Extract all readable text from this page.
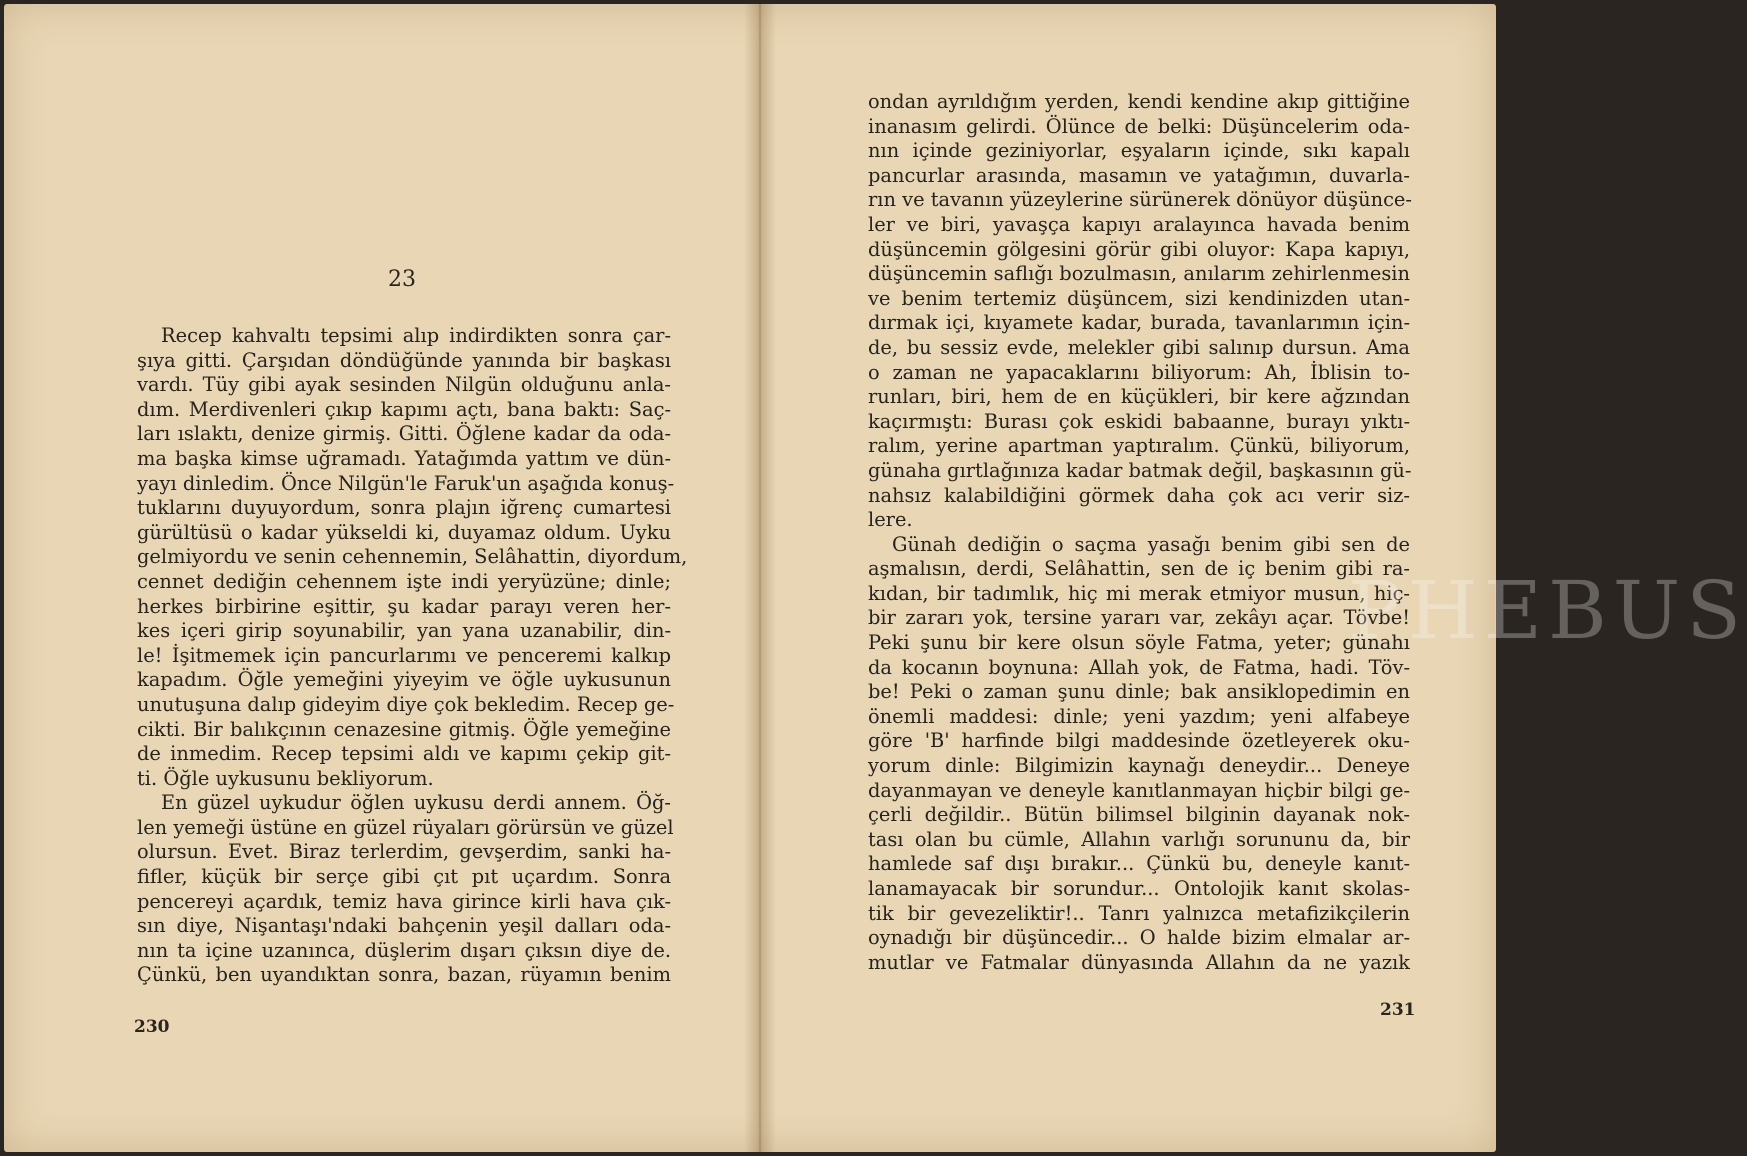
23

Recep kahvaltı tepsimi alıp indirdikten sonra çar-
şıya gitti. Çarşıdan döndüğünde yanında bir başkası
vardı. Tüy gibi ayak sesinden Nilgün olduğunu anla-
dım. Merdivenleri çıkıp kapımı açtı, bana baktı: Saç-
ları ıslaktı, denize girmiş. Gitti. Öğlene kadar da oda-
ma başka kimse uğramadı. Yatağımda yattım ve dün-
yayı dinledim. Önce Nilgün'le Faruk'un aşağıda konuş-
tuklarını duyuyordum, sonra plajın iğrenç cumartesi
gürültüsü o kadar yükseldi ki, duyamaz oldum. Uyku
gelmiyordu ve senin cehennemin, Selâhattin, diyordum,
cennet dediğin cehennem işte indi yeryüzüne; dinle;
herkes birbirine eşittir, şu kadar parayı veren her-
kes içeri girip soyunabilir, yan yana uzanabilir, din-
le! İşitmemek için pancurlarımı ve penceremi kalkıp
kapadım. Öğle yemeğini yiyeyim ve öğle uykusunun
unutuşuna dalıp gideyim diye çok bekledim. Recep ge-
cikti. Bir balıkçının cenazesine gitmiş. Öğle yemeğine
de inmedim. Recep tepsimi aldı ve kapımı çekip git-
ti. Öğle uykusunu bekliyorum.

En güzel uykudur öğlen uykusu derdi annem. Öğ-
len yemeği üstüne en güzel rüyaları görürsün ve güzel
olursun. Evet. Biraz terlerdim, gevşerdim, sanki ha-
fifler, küçük bir serçe gibi çıt pıt uçardım. Sonra
pencereyi açardık, temiz hava girince kirli hava çık-
sın diye, Nişantaşı'ndaki bahçenin yeşil dalları oda-
nın ta içine uzanınca, düşlerim dışarı çıksın diye de.
Çünkü, ben uyandıktan sonra, bazan, rüyamın benim

230

ondan ayrıldığım yerden, kendi kendine akıp gittiğine
inanasım gelirdi. Ölünce de belki: Düşüncelerim oda-
nın içinde geziniyorlar, eşyaların içinde, sıkı kapalı
pancurlar arasında, masamın ve yatağımın, duvarla-
rın ve tavanın yüzeylerine sürünerek dönüyor düşünce-
ler ve biri, yavaşça kapıyı aralayınca havada benim
düşüncemin gölgesini görür gibi oluyor: Kapa kapıyı,
düşüncemin saflığı bozulmasın, anılarım zehirlenmesin
ve benim tertemiz düşüncem, sizi kendinizden utan-
dırmak içi, kıyamete kadar, burada, tavanlarımın için-
de, bu sessiz evde, melekler gibi salınıp dursun. Ama
o zaman ne yapacaklarını biliyorum: Ah, İblisin to-
runları, biri, hem de en küçükleri, bir kere ağzından
kaçırmıştı: Burası çok eskidi babaanne, burayı yıktı-
ralım, yerine apartman yaptıralım. Çünkü, biliyorum,
günaha gırtlağınıza kadar batmak değil, başkasının gü-
nahsız kalabildiğini görmek daha çok acı verir siz-
lere.

Günah dediğin o saçma yasağı benim gibi sen de
aşmalısın, derdi, Selâhattin, sen de iç benim gibi ra-
kıdan, bir tadımlık, hiç mi merak etmiyor musun, hiç-
bir zararı yok, tersine yararı var, zekâyı açar. Tövbe!
Peki şunu bir kere olsun söyle Fatma, yeter; günahı
da kocanın boynuna: Allah yok, de Fatma, hadi. Töv-
be! Peki o zaman şunu dinle; bak ansiklopedimin en
önemli maddesi: dinle; yeni yazdım; yeni alfabeye
göre 'B' harfinde bilgi maddesinde özetleyerek oku-
yorum dinle: Bilgimizin kaynağı deneydir... Deneye
dayanmayan ve deneyle kanıtlanmayan hiçbir bilgi ge-
çerli değildir.. Bütün bilimsel bilginin dayanak nok-
tası olan bu cümle, Allahın varlığı sorununu da, bir
hamlede saf dışı bırakır... Çünkü bu, deneyle kanıt-
lanamayacak bir sorundur... Ontolojik kanıt skolas-
tik bir gevezeliktir!.. Tanrı yalnızca metafizikçilerin
oynadığı bir düşüncedir... O halde bizim elmalar ar-
mutlar ve Fatmalar dünyasında Allahın da ne yazık

231
PHEBUS
